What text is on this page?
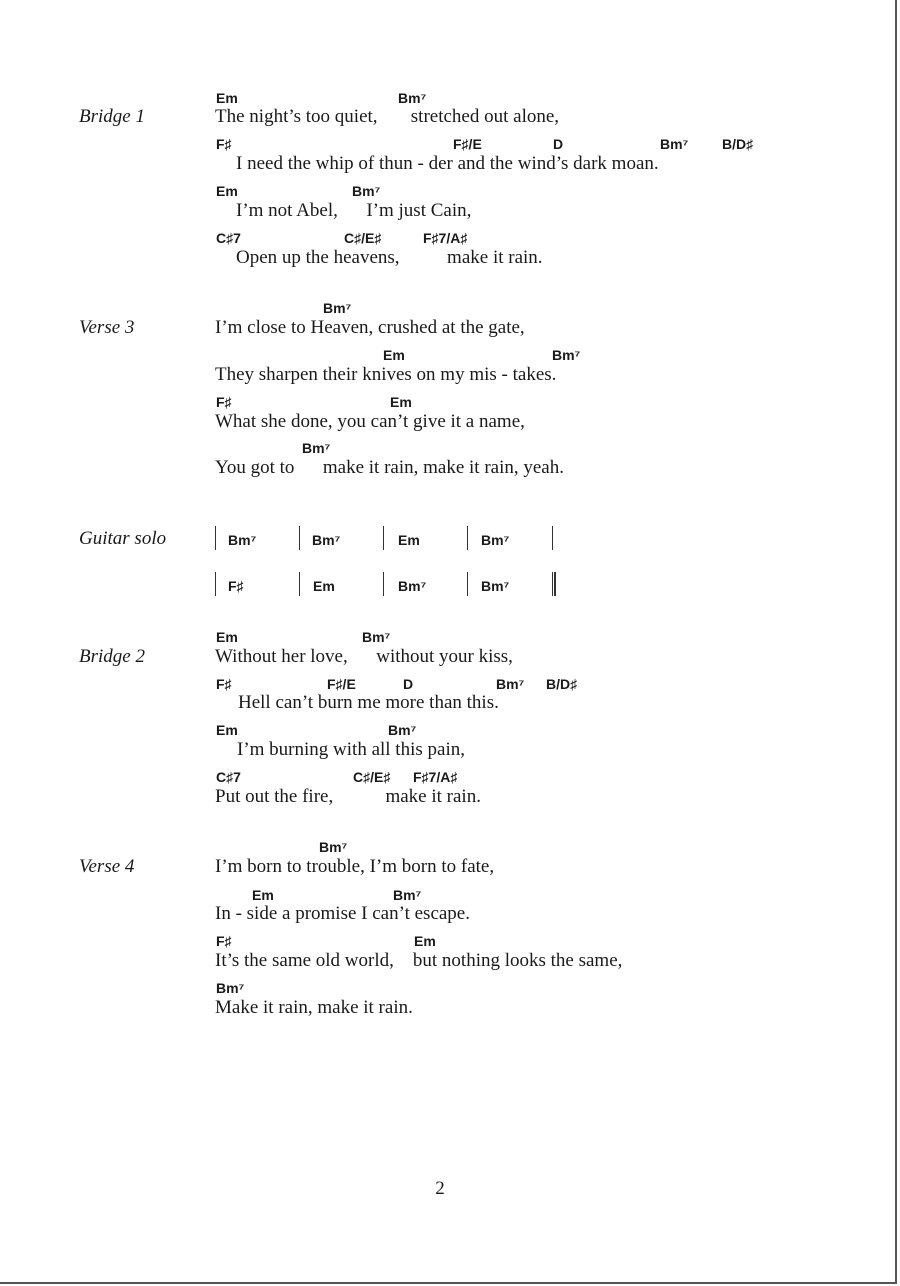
Bridge 1
Em	Bm⁷
The night’s too quiet,       stretched out alone,
F♯	F♯/E	D	Bm⁷ B/D♯
I need the whip of thun - der and the wind’s dark moan.
Em	Bm⁷
I’m not Abel,      I’m just Cain,
C♯7	C♯/E♯	F♯7/A♯
Open up the heavens,          make it rain.
Verse 3
Bm⁷
I’m close to Heaven, crushed at the gate,
Em	Bm⁷
They sharpen their knives on my mis - takes.
F♯	Em
What she done, you can’t give it a name,
Bm⁷
You got to      make it rain, make it rain, yeah.
Guitar solo	Bm⁷	Bm⁷	Em	Bm⁷
F♯	Em	Bm⁷	Bm⁷
Bridge 2
Em	Bm⁷
Without her love,      without your kiss,
F♯	F♯/E	D	Bm⁷ B/D♯
Hell can’t burn me more than this.
Em	Bm⁷
I’m burning with all this pain,
C♯7	C♯/E♯ F♯7/A♯
Put out the fire,           make it rain.
Verse 4
Bm⁷
I’m born to trouble, I’m born to fate,
Em	Bm⁷
In - side a promise I can’t escape.
F♯	Em
It’s the same old world,    but nothing looks the same,
Bm⁷
Make it rain, make it rain.
2
